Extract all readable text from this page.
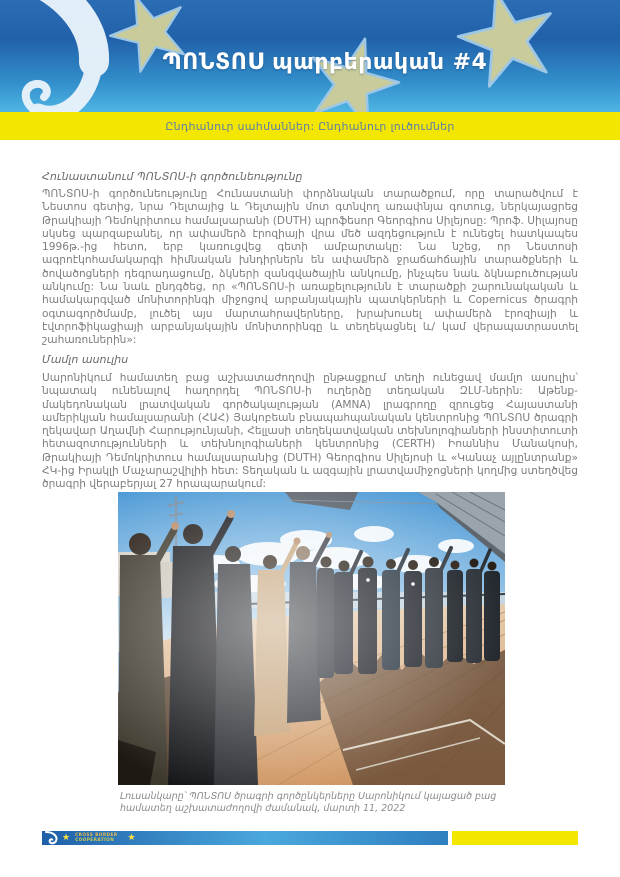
ՊՈՆՏՈՍ պարբերական #4
Ընդհանուր սահմաններ: Ընդհանուր լուծումներ
Հունաստանում ՊՈՆՏՈՍ-ի գործունեությունը

ՊՈՆՏՈՍ-ի գործունեությունը Հունաստանի փորձնական տարածքում, որը տարածվում է Նեստոս գետից, նրա Դելտայից և Դելտային մոտ գտնվող առափնյա գոտուց, ներկայացրեց Թրակիայի Դեմոկրիտուս համալսարանի (DUTH) պրոֆեսոր Գեորգիոս Սիլեյոսը: Պրոֆ. Սիլայոսը սկսեց պարզաբանել, որ ափամերձ էրոզիայի վրա մեծ ազդեցություն է ունեցել հատկապես 1996թ.-ից հետո, երբ կառուցվեց գետի ամբարտակը: Նա նշեց, որ Նեստոսի ագրոէկոհամակարգի հիմնական խնդիրներն են ափամերձ ջրաճահճային տարածքների և ծովածոցների դեգրադացումը, ձկների զանգվածային անկումը, ինչպես նաև ձկնաբուծության անկումը: Նա նաև ընդգծեց, որ «ՊՈՆՏՈՍ-ի առաքելությունն է տարածքի շարունակական և համակարգված մոնիտորինգի միջոցով արբանյակային պատկերների և Copernicus ծրագրի օգտագործմամբ, լուծել այս մարտահրավերները, խրախուսել ափամերձ էրոզիայի և էվտրոֆիկացիայի արբանյակային մոնիտորինգը և տեղեկացնել և/ կամ վերապատրաստել շահառուներին»:

Մամլո ասուլիս

Սարոնիկում համատեղ բաց աշխատաժողովի ընթացքում տեղի ունեցավ մամլո ասուլիս՝ նպատակ ունենալով հաղորդել ՊՈՆՏՈՍ-ի ուղերձը տեղական ԶԼՄ-ներին: Աթենք-մակեդոնական լրատվական գործակալության (AMNA) լրագրողը զրուցեց Հայաստանի ամերիկյան համալսարանի (ՀԱՀ) Յակոբեան բնապահպանական կենտրոնից ՊՈՆՏՈՍ ծրագրի ղեկավար Աղավնի Հարությունյանի, Հելլասի տեղեկատվական տեխնոլոգիաների ինստիտուտի հետազոտությունների և տեխնոլոգիաների կենտրոնից (CERTH) Իոաննիս Մանակոսի, Թրակիայի Դեմոկրիտուս համալսարանից (DUTH) Գեորգիոս Սիլեյոսի և «Կանաչ այլընտրանք» ՀԿ-ից Իրակլի Մաչարաշվիլիի հետ: Տեղական և ազգային լրատվամիջոցների կողմից ստեղծվեց ծրագրի վերաբերյալ 27 հրապարակում:

Լուսանկարը՝ ՊՈՆՏՈՍ ծրագրի գործընկերները Սարոնիկում կայացած բաց համատեղ աշխատաժողովի ժամանակ, մարտի 11, 2022
★ CROSS BORDER
COOPERATION	★
